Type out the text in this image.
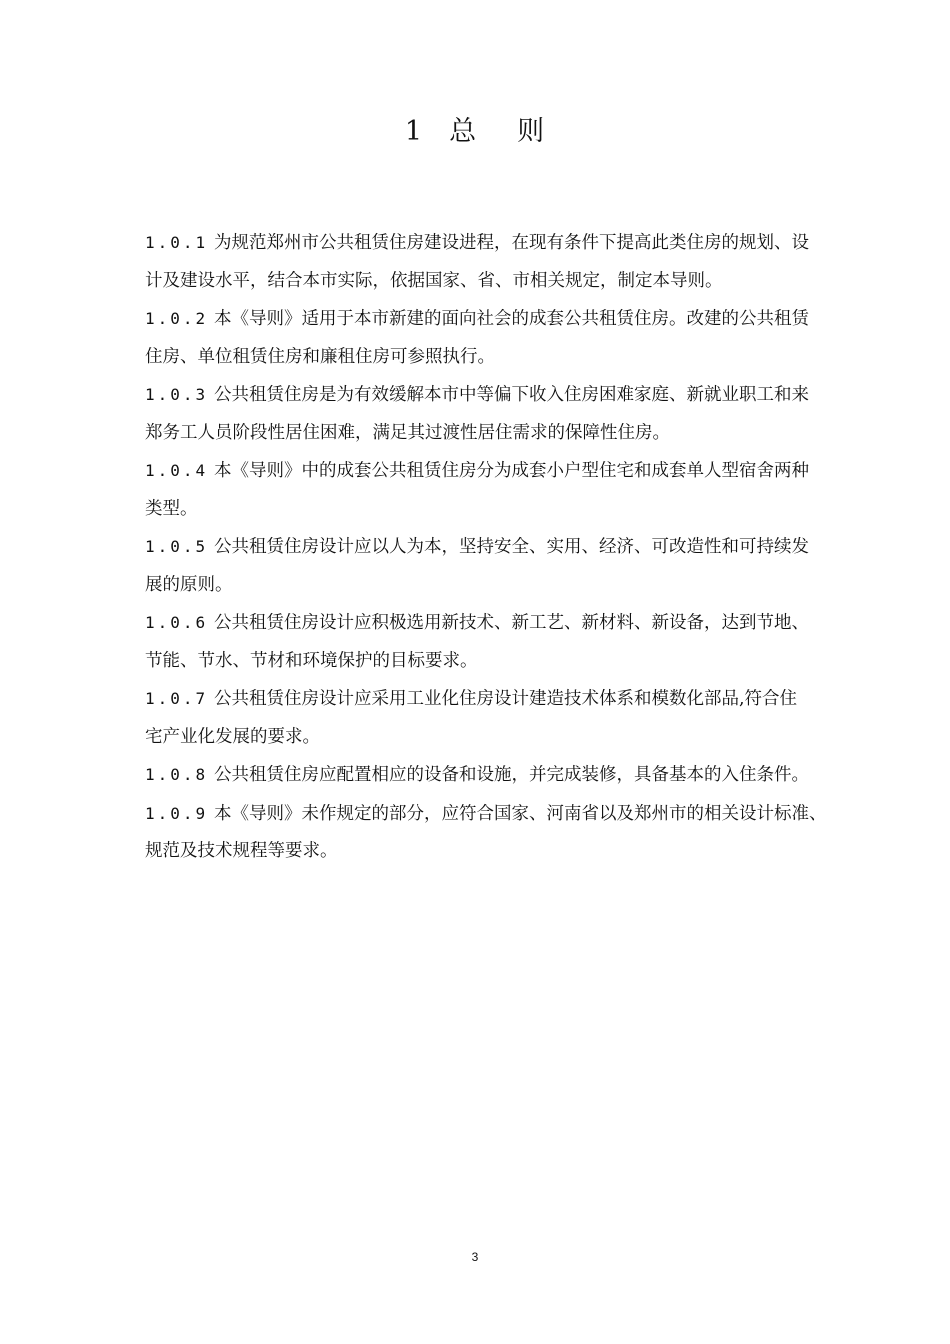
1 总 则

1.0.1 为规范郑州市公共租赁住房建设进程，在现有条件下提高此类住房的规划、设
计及建设水平，结合本市实际，依据国家、省、市相关规定，制定本导则。

1.0.2 本《导则》适用于本市新建的面向社会的成套公共租赁住房。改建的公共租赁
住房、单位租赁住房和廉租住房可参照执行。

1.0.3 公共租赁住房是为有效缓解本市中等偏下收入住房困难家庭、新就业职工和来
郑务工人员阶段性居住困难，满足其过渡性居住需求的保障性住房。

1.0.4 本《导则》中的成套公共租赁住房分为成套小户型住宅和成套单人型宿舍两种
类型。

1.0.5 公共租赁住房设计应以人为本，坚持安全、实用、经济、可改造性和可持续发
展的原则。

1.0.6 公共租赁住房设计应积极选用新技术、新工艺、新材料、新设备，达到节地、
节能、节水、节材和环境保护的目标要求。

1.0.7 公共租赁住房设计应采用工业化住房设计建造技术体系和模数化部品,符合住
宅产业化发展的要求。

1.0.8 公共租赁住房应配置相应的设备和设施，并完成装修，具备基本的入住条件。

1.0.9 本《导则》未作规定的部分，应符合国家、河南省以及郑州市的相关设计标准、
规范及技术规程等要求。

3
